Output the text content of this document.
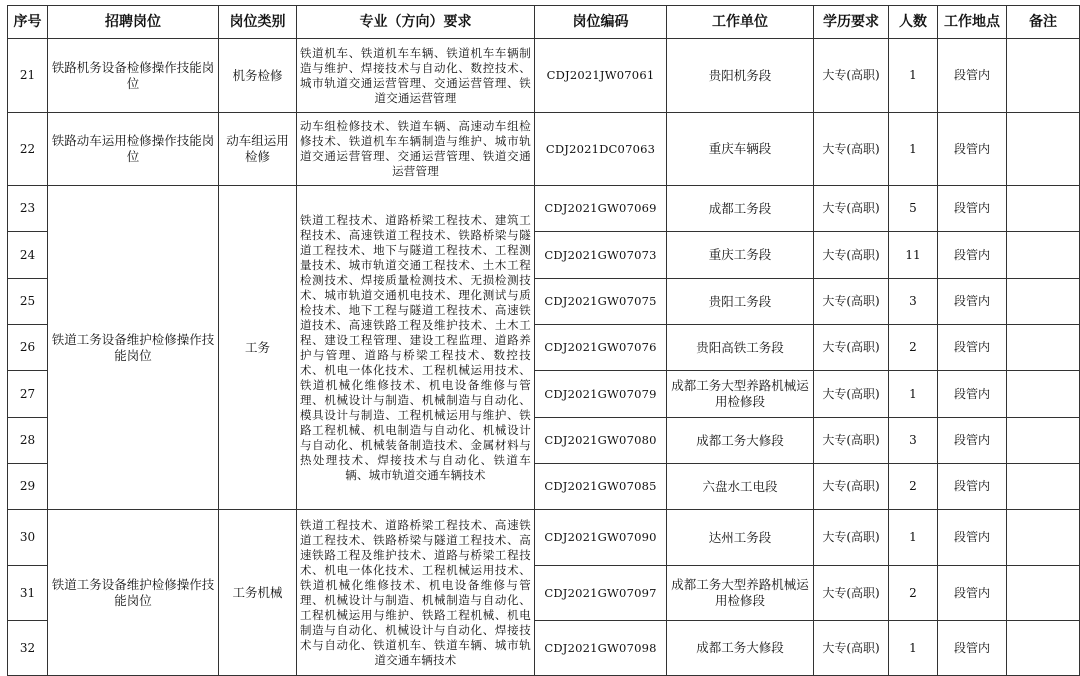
序号	招聘岗位	岗位类别	专业（方向）要求	岗位编码	工作单位	学历要求	人数	工作地点	备注
21	铁路机务设备检修操作技能岗位	机务检修	铁道机车、铁道机车车辆、铁道机车车辆制造与维护、焊接技术与自动化、数控技术、城市轨道交通运营管理、交通运营管理、铁道交通运营管理	CDJ2021JW07061	贵阳机务段	大专(高职)	1	段管内	
22	铁路动车运用检修操作技能岗位	动车组运用检修	动车组检修技术、铁道车辆、高速动车组检修技术、铁道机车车辆制造与维护、城市轨道交通运营管理、交通运营管理、铁道交通运营管理	CDJ2021DC07063	重庆车辆段	大专(高职)	1	段管内	
23	铁道工务设备维护检修操作技能岗位	工务	铁道工程技术、道路桥梁工程技术、建筑工程技术、高速铁道工程技术、铁路桥梁与隧道工程技术、地下与隧道工程技术、工程测量技术、城市轨道交通工程技术、土木工程检测技术、焊接质量检测技术、无损检测技术、城市轨道交通机电技术、理化测试与质检技术、地下工程与隧道工程技术、高速铁道技术、高速铁路工程及维护技术、土木工程、建设工程管理、建设工程监理、道路养护与管理、道路与桥梁工程技术、数控技术、机电一体化技术、工程机械运用技术、铁道机械化维修技术、机电设备维修与管理、机械设计与制造、机械制造与自动化、模具设计与制造、工程机械运用与维护、铁路工程机械、机电制造与自动化、机械设计与自动化、机械装备制造技术、金属材料与热处理技术、焊接技术与自动化、铁道车辆、城市轨道交通车辆技术	CDJ2021GW07069	成都工务段	大专(高职)	5	段管内	
24				CDJ2021GW07073	重庆工务段	大专(高职)	11	段管内	
25				CDJ2021GW07075	贵阳工务段	大专(高职)	3	段管内	
26				CDJ2021GW07076	贵阳高铁工务段	大专(高职)	2	段管内	
27				CDJ2021GW07079	成都工务大型养路机械运用检修段	大专(高职)	1	段管内	
28				CDJ2021GW07080	成都工务大修段	大专(高职)	3	段管内	
29				CDJ2021GW07085	六盘水工电段	大专(高职)	2	段管内	
30	铁道工务设备维护检修操作技能岗位	工务机械	铁道工程技术、道路桥梁工程技术、高速铁道工程技术、铁路桥梁与隧道工程技术、高速铁路工程及维护技术、道路与桥梁工程技术、机电一体化技术、工程机械运用技术、铁道机械化维修技术、机电设备维修与管理、机械设计与制造、机械制造与自动化、工程机械运用与维护、铁路工程机械、机电制造与自动化、机械设计与自动化、焊接技术与自动化、铁道机车、铁道车辆、城市轨道交通车辆技术	CDJ2021GW07090	达州工务段	大专(高职)	1	段管内	
31				CDJ2021GW07097	成都工务大型养路机械运用检修段	大专(高职)	2	段管内	
32				CDJ2021GW07098	成都工务大修段	大专(高职)	1	段管内	
